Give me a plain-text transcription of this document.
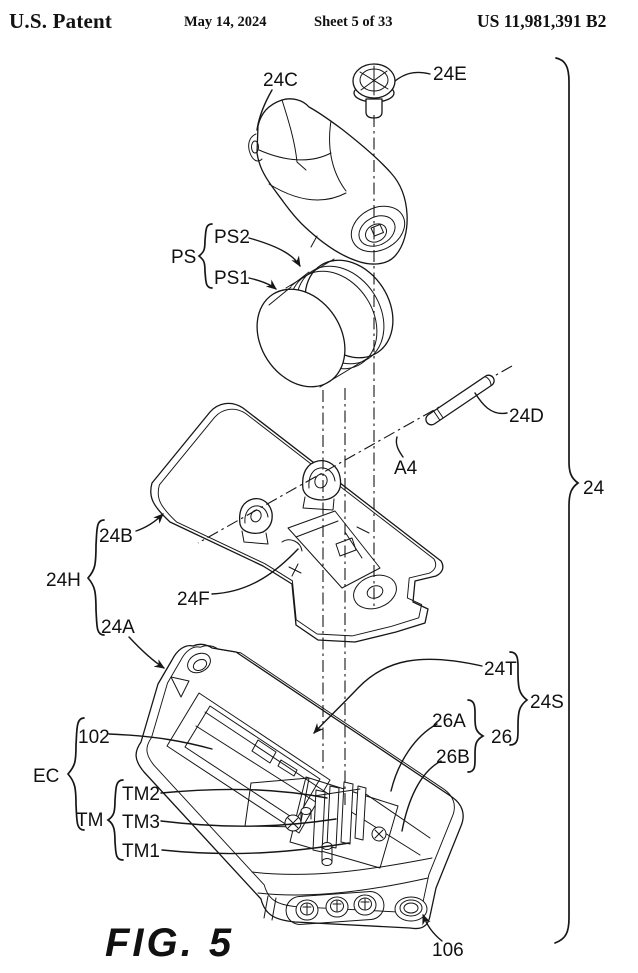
U.S. Patent	May 14, 2024	Sheet 5 of 33	US 11,981,391 B2
24C	24E
PS
PS2
PS1
24D
A4
24B
24H
24F
24A
24T
24S
26A
26
26B
EC
102
TM
TM2
TM3
TM1
106
24
FIG. 5
